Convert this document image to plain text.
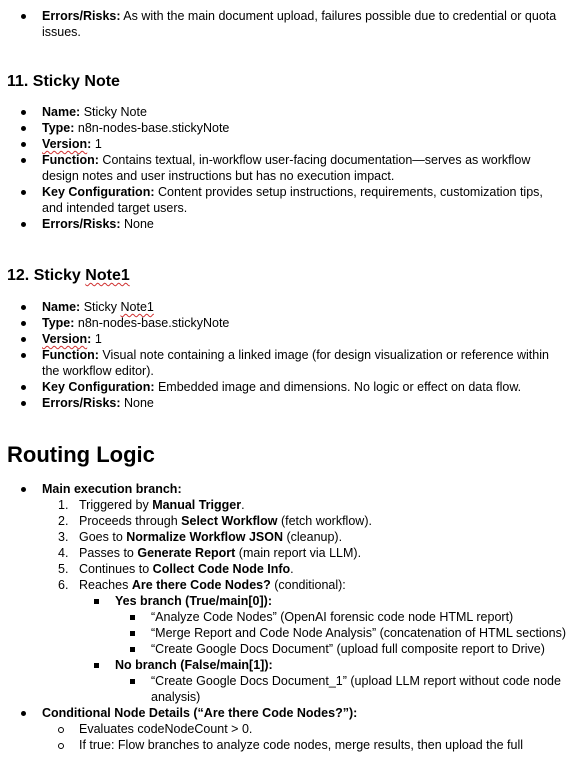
Errors/Risks: As with the main document upload, failures possible due to credential or quota issues.
11. Sticky Note
Name: Sticky Note
Type: n8n-nodes-base.stickyNote
Version: 1
Function: Contains textual, in-workflow user-facing documentation—serves as workflow design notes and user instructions but has no execution impact.
Key Configuration: Content provides setup instructions, requirements, customization tips, and intended target users.
Errors/Risks: None
12. Sticky Note1
Name: Sticky Note1
Type: n8n-nodes-base.stickyNote
Version: 1
Function: Visual note containing a linked image (for design visualization or reference within the workflow editor).
Key Configuration: Embedded image and dimensions. No logic or effect on data flow.
Errors/Risks: None
Routing Logic
Main execution branch:
1. Triggered by Manual Trigger.
2. Proceeds through Select Workflow (fetch workflow).
3. Goes to Normalize Workflow JSON (cleanup).
4. Passes to Generate Report (main report via LLM).
5. Continues to Collect Code Node Info.
6. Reaches Are there Code Nodes? (conditional):
Yes branch (True/main[0]):
“Analyze Code Nodes” (OpenAI forensic code node HTML report)
“Merge Report and Code Node Analysis” (concatenation of HTML sections)
“Create Google Docs Document” (upload full composite report to Drive)
No branch (False/main[1]):
“Create Google Docs Document_1” (upload LLM report without code node analysis)
Conditional Node Details (“Are there Code Nodes?”):
Evaluates codeNodeCount > 0.
If true: Flow branches to analyze code nodes, merge results, then upload the full
